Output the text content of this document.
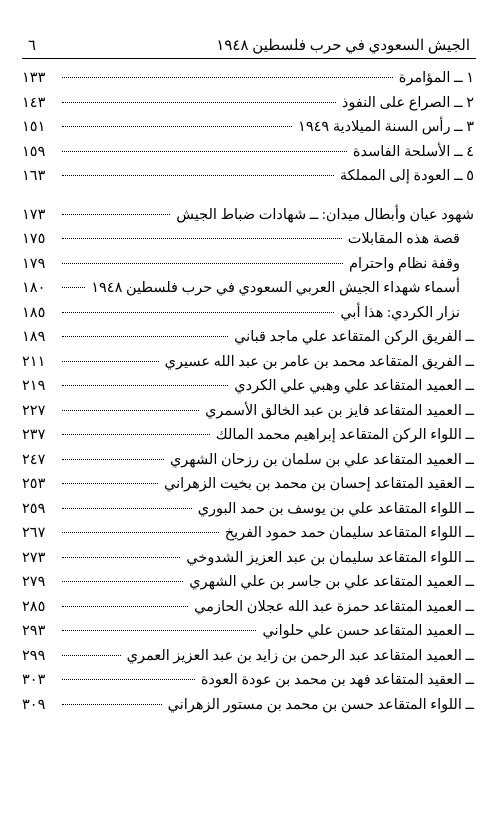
الجيش السعودي في حرب فلسطين ١٩٤٨
٦
١ ــ المؤامرة
١٣٣
٢ ــ الصراع على النفوذ
١٤٣
٣ ــ رأس السنة الميلادية ١٩٤٩
١٥١
٤ ــ الأسلحة الفاسدة
١٥٩
٥ ــ العودة إلى المملكة
١٦٣
شهود عيان وأبطال ميدان: ــ شهادات ضباط الجيش
١٧٣
قصة هذه المقابلات
١٧٥
وقفة نظام واحترام
١٧٩
أسماء شهداء الجيش العربي السعودي في حرب فلسطين ١٩٤٨
١٨٠
نزار الكردي: هذا أبي
١٨٥
ــ الفريق الركن المتقاعد علي ماجد قباني
١٨٩
ــ الفريق المتقاعد محمد بن عامر بن عبد الله عسيري
٢١١
ــ العميد المتقاعد علي وهبي علي الكردي
٢١٩
ــ العميد المتقاعد فايز بن عبد الخالق الأسمري
٢٢٧
ــ اللواء الركن المتقاعد إبراهيم محمد المالك
٢٣٧
ــ العميد المتقاعد علي بن سلمان بن رزحان الشهري
٢٤٧
ــ العقيد المتقاعد إحسان بن محمد بن بخيت الزهراني
٢٥٣
ــ اللواء المتقاعد علي بن يوسف بن حمد البوري
٢٥٩
ــ اللواء المتقاعد سليمان حمد حمود الفريخ
٢٦٧
ــ اللواء المتقاعد سليمان بن عبد العزيز الشدوخي
٢٧٣
ــ العميد المتقاعد علي بن جاسر بن علي الشهري
٢٧٩
ــ العميد المتقاعد حمزة عبد الله عجلان الحازمي
٢٨٥
ــ العميد المتقاعد حسن علي حلواني
٢٩٣
ــ العميد المتقاعد عبد الرحمن بن زايد بن عبد العزيز العمري
٢٩٩
ــ العقيد المتقاعد فهد بن محمد بن عودة العودة
٣٠٣
ــ اللواء المتقاعد حسن بن محمد بن مستور الزهراني
٣٠٩
